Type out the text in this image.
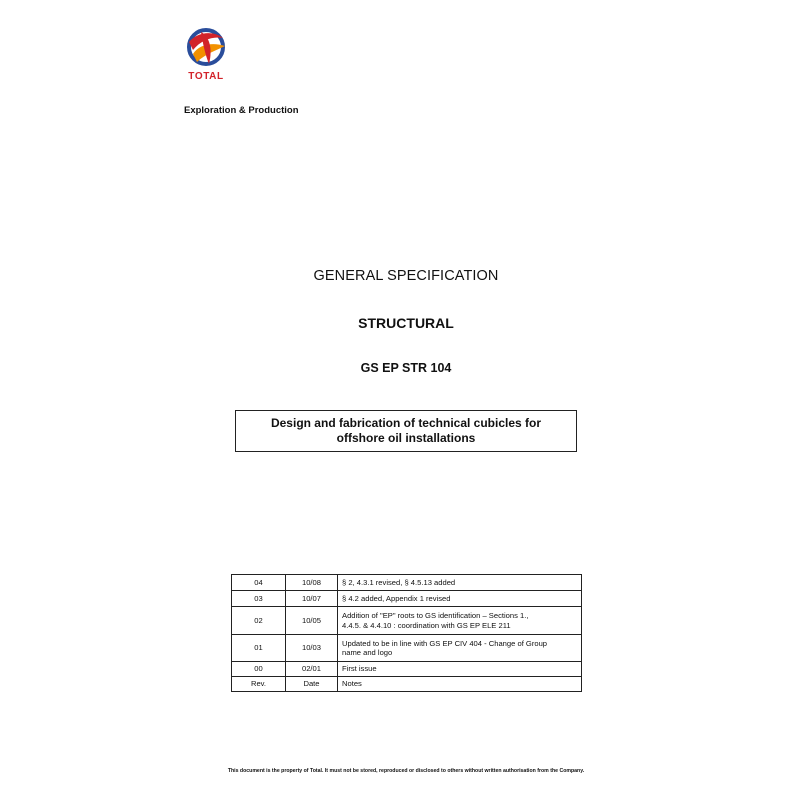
TOTAL
Exploration & Production
GENERAL SPECIFICATION
STRUCTURAL
GS EP STR 104
Design and fabrication of technical cubicles for
offshore oil installations
04	10/08	§ 2, 4.3.1 revised, § 4.5.13 added

03	10/07	§ 4.2 added, Appendix 1 revised

02	10/05	Addition of "EP" roots to GS identification – Sections 1.,
4.4.5. & 4.4.10 : coordination with GS EP ELE 211

01	10/03	Updated to be in line with GS EP CIV 404 - Change of Group
name and logo

00	02/01	First issue

Rev.	Date	Notes
This document is the property of Total. It must not be stored, reproduced or disclosed to others without written authorisation from the Company.
